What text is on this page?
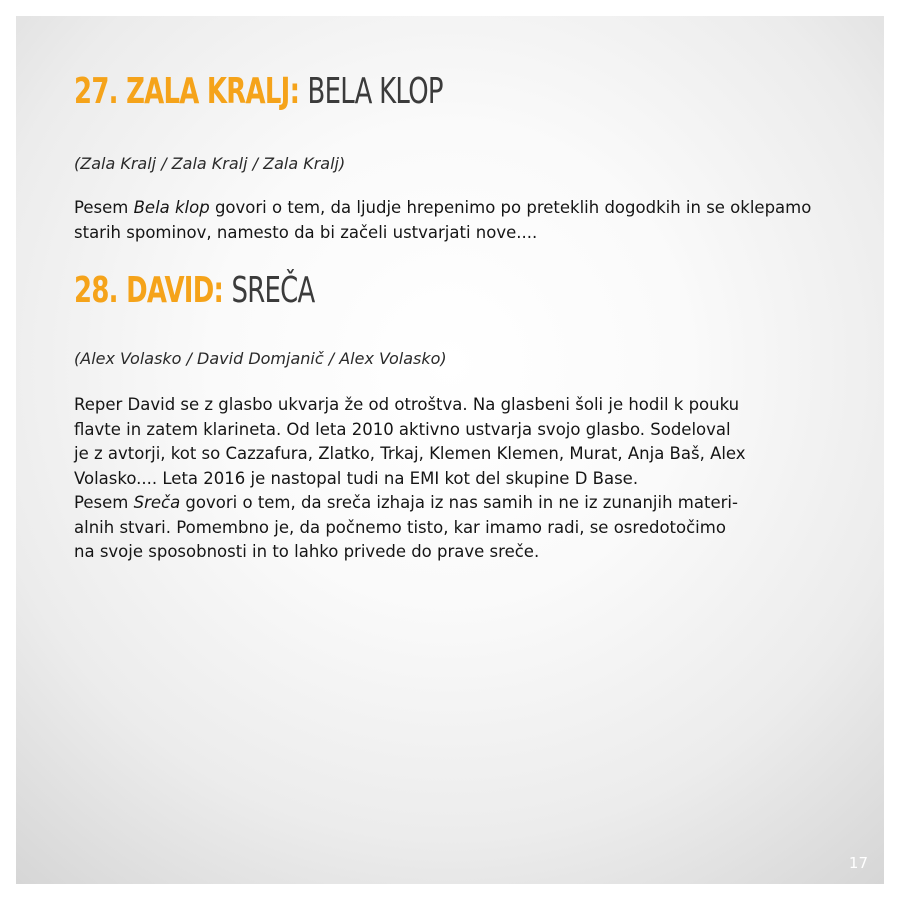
27. ZALA KRALJ: BELA KLOP

(Zala Kralj / Zala Kralj / Zala Kralj)

Pesem Bela klop govori o tem, da ljudje hrepenimo po preteklih dogodkih in se oklepamo starih spominov, namesto da bi začeli ustvarjati nove....

28. DAVID: SREČA

(Alex Volasko / David Domjanič / Alex Volasko)

Reper David se z glasbo ukvarja že od otroštva. Na glasbeni šoli je hodil k pouku
flavte in zatem klarineta. Od leta 2010 aktivno ustvarja svojo glasbo. Sodeloval
je z avtorji, kot so Cazzafura, Zlatko, Trkaj, Klemen Klemen, Murat, Anja Baš, Alex
Volasko.... Leta 2016 je nastopal tudi na EMI kot del skupine D Base.
Pesem Sreča govori o tem, da sreča izhaja iz nas samih in ne iz zunanjih materi-
alnih stvari. Pomembno je, da počnemo tisto, kar imamo radi, se osredotočimo
na svoje sposobnosti in to lahko privede do prave sreče.

17
